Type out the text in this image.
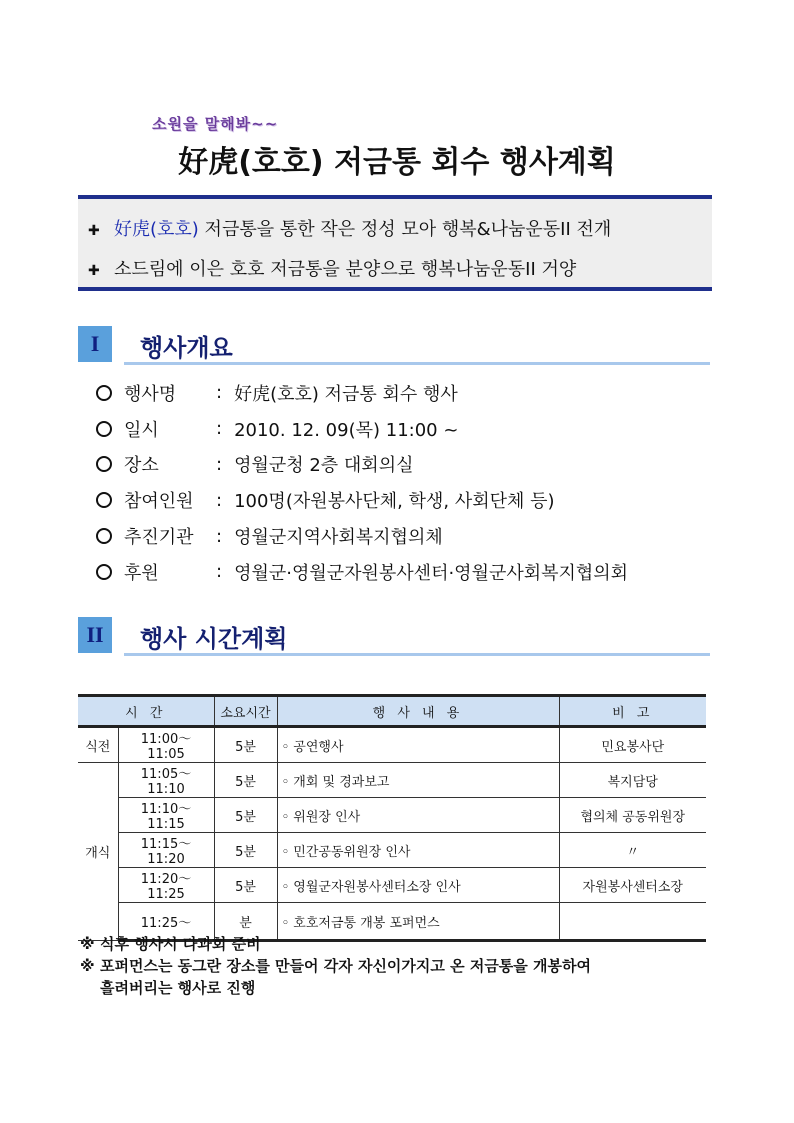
소원을 말해봐~~
好虎(호호) 저금통 회수 행사계획
✚ 好虎(호호) 저금통을 통한 작은 정성 모아 행복&나눔운동II 전개
✚ 소드림에 이은 호호 저금통을 분양으로 행복나눔운동II 거양
I	행사개요
행사명	: 好虎(호호) 저금통 회수 행사
일시	: 2010. 12. 09(목) 11:00 ~
장소	: 영월군청 2층 대회의실
참여인원	: 100명(자원봉사단체, 학생, 사회단체 등)
추진기관	: 영월군지역사회복지협의체
후원	: 영월군·영월군자원봉사센터·영월군사회복지협의회
II	행사 시간계획
시 간		소요시간	행 사 내 용	비 고
식전	11:00～11:05	5분	◦ 공연행사	민요봉사단
개식	11:05～11:10	5분	◦ 개회 및 경과보고	복지담당
	11:10～11:15	5분	◦ 위원장 인사	협의체 공동위원장
	11:15～11:20	5분	◦ 민간공동위원장 인사	〃
	11:20～11:25	5분	◦ 영월군자원봉사센터소장 인사	자원봉사센터소장
	11:25～	분	◦ 호호저금통 개봉 포퍼먼스	
※ 식후 행사시 다과회 준비
※ 포퍼먼스는 동그란 장소를 만들어 각자 자신이가지고 온 저금통을 개봉하여
흘려버리는 행사로 진행
